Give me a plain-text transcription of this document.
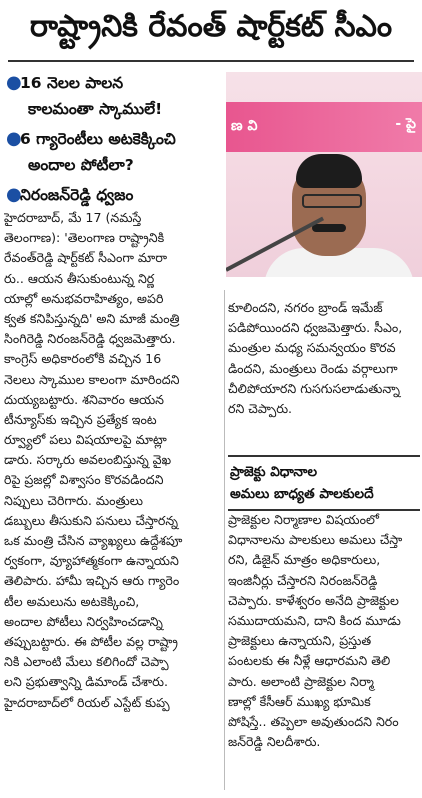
రాష్ట్రానికి రేవంత్ షార్ట్‌కట్ సీఎం
●
16 నెలల పాలన
కాలమంతా స్కాములే!
●
6 గ్యారెంటీలు అటకెక్కించి
అందాల పోటీలా?
●
నిరంజన్‌రెడ్డి ధ్వజం
ణ వి	- పై
హైదరాబాద్, మే 17 (నమస్తే
తెలంగాణ): 'తెలంగాణ రాష్ట్రానికి
రేవంత్‌రెడ్డి షార్ట్‌కట్ సీఎంగా మారా
రు.. ఆయన తీసుకుంటున్న నిర్ణ
యాల్లో అనుభవరాహిత్యం, అపరి
క్వత కనిపిస్తున్నది' అని మాజీ మంత్రి
సింగిరెడ్డి నిరంజన్‌రెడ్డి ధ్వజమెత్తారు.
కాంగ్రెస్ అధికారంలోకి వచ్చిన 16
నెలలు స్కాముల కాలంగా మారిందని
దుయ్యబట్టారు. శనివారం ఆయన
టీన్యూస్‌కు ఇచ్చిన ప్రత్యేక ఇంట
ర్వ్యూలో పలు విషయాలపై మాట్లా
డారు. సర్కారు అవలంబిస్తున్న వైఖ
రిపై ప్రజల్లో విశ్వాసం కొరవడిందని
నిప్పులు చెరిగారు. మంత్రులు
డబ్బులు తీసుకుని పనులు చేస్తారన్న
ఒక మంత్రి చేసిన వ్యాఖ్యలు ఉద్దేశపూ
ర్వకంగా, వ్యూహాత్మకంగా ఉన్నాయని
తెలిపారు. హామీ ఇచ్చిన ఆరు గ్యారెం
టీల అమలును అటకెక్కించి,
అందాల పోటీలు నిర్వహించడాన్ని
తప్పుబట్టారు. ఈ పోటీల వల్ల రాష్ట్రా
నికి ఎలాంటి మేలు కలిగిందో చెప్పా
లని ప్రభుత్వాన్ని డిమాండ్ చేశారు.
హైదరాబాద్‌లో రియల్ ఎస్టేట్ కుప్ప
కూలిందని, నగరం బ్రాండ్ ఇమేజ్
పడిపోయిందని ధ్వజమెత్తారు. సీఎం,
మంత్రుల మధ్య సమన్వయం కొరవ
డిందని, మంత్రులు రెండు వర్గాలుగా
చీలిపోయారని గుసగుసలాడుతున్నా
రని చెప్పారు.
ప్రాజెక్టు విధానాల
అమలు బాధ్యత పాలకులదే
ప్రాజెక్టుల నిర్మాణాల విషయంలో
విధానాలను పాలకులు అమలు చేస్తా
రని, డిజైన్ మాత్రం అధికారులు,
ఇంజినీర్లు చేస్తారని నిరంజన్‌రెడ్డి
చెప్పారు. కాళేశ్వరం అనేది ప్రాజెక్టుల
సముదాయమని, దాని కింద మూడు
ప్రాజెక్టులు ఉన్నాయని, ప్రస్తుత
పంటలకు ఈ నీళ్లే ఆధారమని తెలి
పారు. అలాంటి ప్రాజెక్టుల నిర్మా
ణాల్లో కేసీఆర్ ముఖ్య భూమిక
పోషిస్తే.. తప్పెలా అవుతుందని నిరం
జన్‌రెడ్డి నిలదీశారు.
